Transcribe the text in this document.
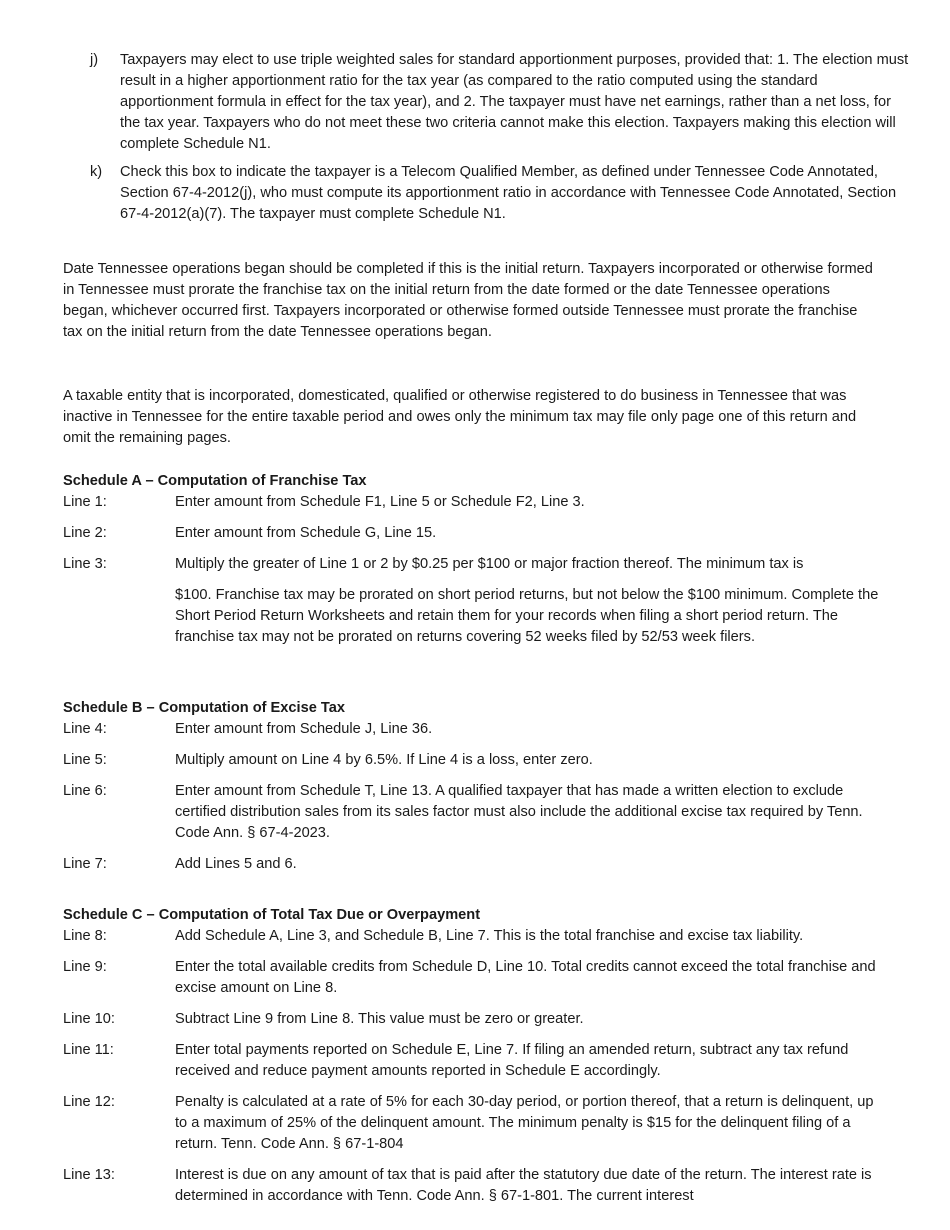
j)	Taxpayers may elect to use triple weighted sales for standard apportionment purposes, provided that: 1. The election must result in a higher apportionment ratio for the tax year (as compared to the ratio computed using the standard apportionment formula in effect for the tax year), and 2. The taxpayer must have net earnings, rather than a net loss, for the tax year. Taxpayers who do not meet these two criteria cannot make this election. Taxpayers making this election will complete Schedule N1.
k)	Check this box to indicate the taxpayer is a Telecom Qualified Member, as defined under Tennessee Code Annotated, Section 67-4-2012(j), who must compute its apportionment ratio in accordance with Tennessee Code Annotated, Section 67-4-2012(a)(7). The taxpayer must complete Schedule N1.

Date Tennessee operations began should be completed if this is the initial return. Taxpayers incorporated or otherwise formed in Tennessee must prorate the franchise tax on the initial return from the date formed or the date Tennessee operations began, whichever occurred first. Taxpayers incorporated or otherwise formed outside Tennessee must prorate the franchise tax on the initial return from the date Tennessee operations began.

A taxable entity that is incorporated, domesticated, qualified or otherwise registered to do business in Tennessee that was inactive in Tennessee for the entire taxable period and owes only the minimum tax may file only page one of this return and omit the remaining pages.

Schedule A – Computation of Franchise Tax
Line 1:	Enter amount from Schedule F1, Line 5 or Schedule F2, Line 3.

Line 2:	Enter amount from Schedule G, Line 15.

Line 3:	Multiply the greater of Line 1 or 2 by $0.25 per $100 or major fraction thereof. The minimum tax is

$100. Franchise tax may be prorated on short period returns, but not below the $100 minimum. Complete the Short Period Return Worksheets and retain them for your records when filing a short period return. The franchise tax may not be prorated on returns covering 52 weeks filed by 52/53 week filers.

Schedule B – Computation of Excise Tax
Line 4:	Enter amount from Schedule J, Line 36.

Line 5:	Multiply amount on Line 4 by 6.5%. If Line 4 is a loss, enter zero.

Line 6:	Enter amount from Schedule T, Line 13. A qualified taxpayer that has made a written election to exclude certified distribution sales from its sales factor must also include the additional excise tax required by Tenn. Code Ann. § 67-4-2023.

Line 7:	Add Lines 5 and 6.

Schedule C – Computation of Total Tax Due or Overpayment
Line 8:	Add Schedule A, Line 3, and Schedule B, Line 7. This is the total franchise and excise tax liability.

Line 9:	Enter the total available credits from Schedule D, Line 10. Total credits cannot exceed the total franchise and excise amount on Line 8.

Line 10:	Subtract Line 9 from Line 8. This value must be zero or greater.

Line 11:	Enter total payments reported on Schedule E, Line 7. If filing an amended return, subtract any tax refund received and reduce payment amounts reported in Schedule E accordingly.

Line 12:	Penalty is calculated at a rate of 5% for each 30-day period, or portion thereof, that a return is delinquent, up to a maximum of 25% of the delinquent amount. The minimum penalty is $15 for the delinquent filing of a return. Tenn. Code Ann. § 67-1-804

Line 13:	Interest is due on any amount of tax that is paid after the statutory due date of the return. The interest rate is determined in accordance with Tenn. Code Ann. § 67-1-801. The current interest
